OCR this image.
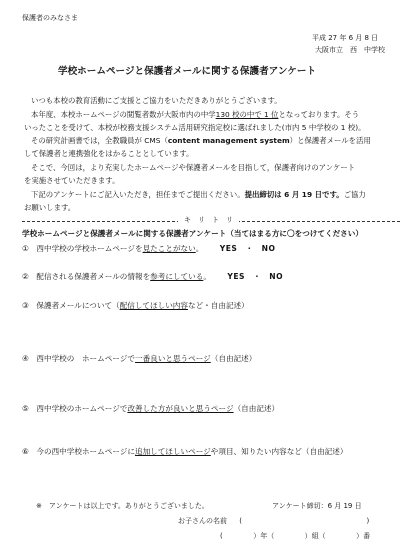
保護者のみなさま
平成 27 年 6 月 8 日
大阪市立　西　中学校
学校ホームページと保護者メールに関する保護者アンケート
いつも本校の教育活動にご支援とご協力をいただきありがとうございます。
本年度、本校ホームページの閲覧者数が大阪市内の中学130 校の中で 1 位となっております。そう
いったことを受けて、本校が校務支援システム活用研究指定校に選ばれました(市内 5 中学校の 1 校)。
その研究計画書では，全教職員が CMS（content management system）と保護者メールを活用
して保護者と連携強化をはかることとしています。
そこで、今回は，より充実したホームページや保護者メールを目指して，保護者向けのアンケート
を実施させていただきます。
下記のアンケートにご記入いただき，担任までご提出ください。提出締切は 6 月 19 日です。ご協力
お願いします。
キ　リ　ト　リ
学校ホームページと保護者メールに関する保護者アンケート（当てはまる方に〇をつけてください）
①　 西中学校の学校ホームページを見たことがない。 YES　・　NO
②　 配信される保護者メールの情報を参考にしている。 YES　・　NO
③　 保護者メールについて（配信してほしい内容など・自由記述）
④　 西中学校の　ホームページで一番良いと思うページ（自由記述）
⑤　 西中学校のホームページで改善した方が良いと思うページ（自由記述）
⑥　 今の西中学校ホームページに追加してほしいページや項目、知りたい内容など（自由記述）
※　アンケートは以上です。ありがとうございました。	アンケート締切：6 月 19 日
お子さんの名前 (	)
(	）年（	）組（	）番
